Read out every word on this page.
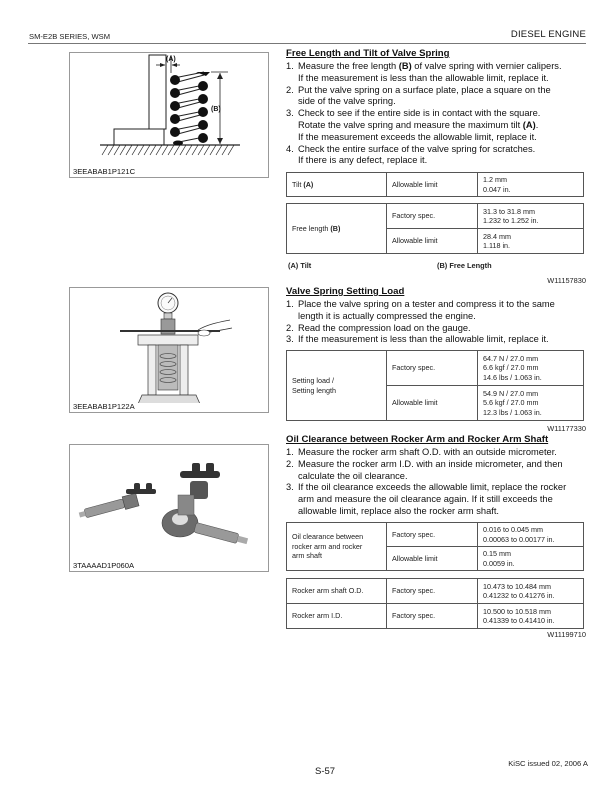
SM-E2B SERIES, WSM	DIESEL ENGINE
(A)
(B)
3EEABAB1P121C
3EEABAB1P122A
3TAAAAD1P060A
Free Length and Tilt of Valve Spring
1. Measure the free length (B) of valve spring with vernier calipers.
If the measurement is less than the allowable limit, replace it.
2. Put the valve spring on a surface plate, place a square on the
side of the valve spring.
3. Check to see if the entire side is in contact with the square.
Rotate the valve spring and measure the maximum tilt (A).
If the measurement exceeds the allowable limit, replace it.
4. Check the entire surface of the valve spring for scratches.
If there is any defect, replace it.
Tilt (A)	Allowable limit	
1.2 mm
0.047 in.
Free length (B)	Factory spec.	31.3 to 31.8 mm
1.232 to 1.252 in.

	Allowable limit	28.4 mm
1.118 in.
(A) Tilt	(B) Free Length
W11157830
Valve Spring Setting Load
1. Place the valve spring on a tester and compress it to the same
length it is actually compressed the engine.
2. Read the compression load on the gauge.
3. If the measurement is less than the allowable limit, replace it.
Setting load /
Setting length	Factory spec.	64.7 N / 27.0 mm
6.6 kgf / 27.0 mm
14.6 lbs / 1.063 in.

	Allowable limit	54.9 N / 27.0 mm
5.6 kgf / 27.0 mm
12.3 lbs / 1.063 in.
W11177330
Oil Clearance between Rocker Arm and Rocker Arm Shaft
1. Measure the rocker arm shaft O.D. with an outside micrometer.
2. Measure the rocker arm I.D. with an inside micrometer, and then
calculate the oil clearance.
3. If the oil clearance exceeds the allowable limit, replace the rocker
arm and measure the oil clearance again. If it still exceeds the
allowable limit, replace also the rocker arm shaft.
Oil clearance between
rocker arm and rocker
arm shaft	Factory spec.	0.016 to 0.045 mm
0.00063 to 0.00177 in.

	Allowable limit	0.15 mm
0.0059 in.
Rocker arm shaft O.D.	Factory spec.	10.473 to 10.484 mm
0.41232 to 0.41276 in.

Rocker arm I.D.	Factory spec.	10.500 to 10.518 mm
0.41339 to 0.41410 in.
W11199710
KiSC issued 02, 2006 A
S-57
